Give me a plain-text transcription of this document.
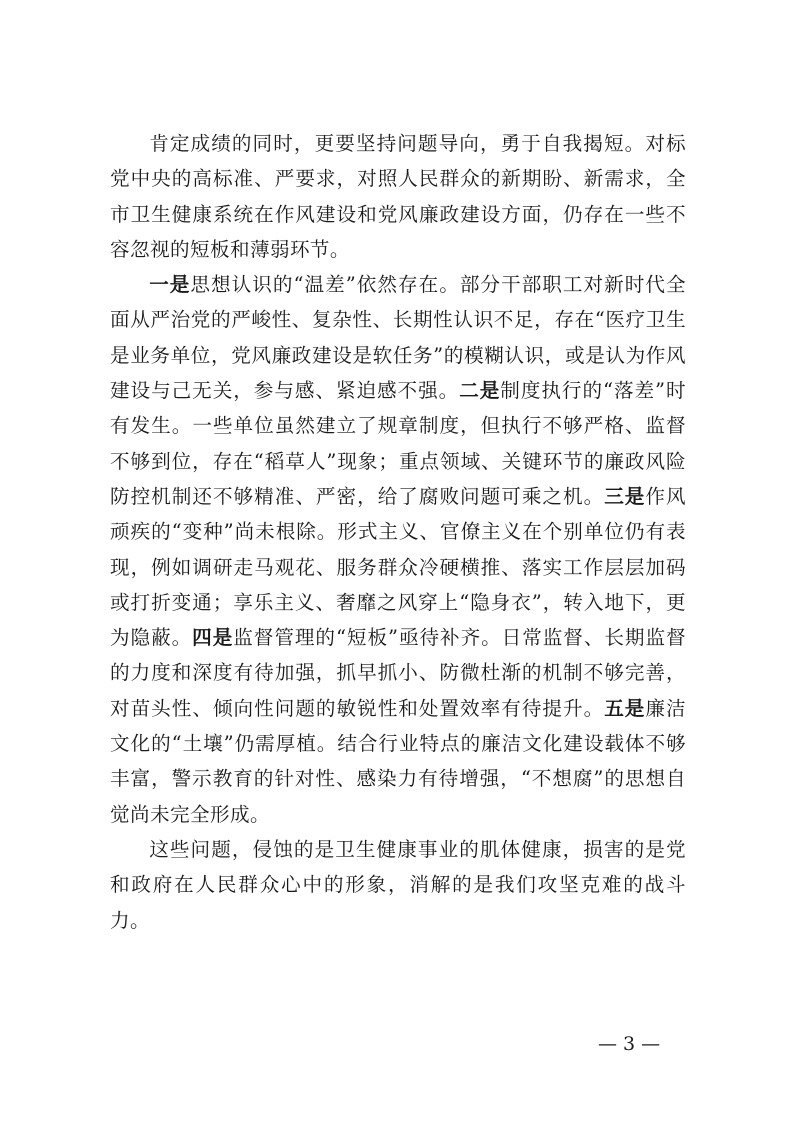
肯定成绩的同时，更要坚持问题导向，勇于自我揭短。对标党中央的高标准、严要求，对照人民群众的新期盼、新需求，全市卫生健康系统在作风建设和党风廉政建设方面，仍存在一些不容忽视的短板和薄弱环节。

一是思想认识的“温差”依然存在。部分干部职工对新时代全面从严治党的严峻性、复杂性、长期性认识不足，存在“医疗卫生是业务单位，党风廉政建设是软任务”的模糊认识，或是认为作风建设与己无关，参与感、紧迫感不强。二是制度执行的“落差”时有发生。一些单位虽然建立了规章制度，但执行不够严格、监督不够到位，存在“稻草人”现象；重点领域、关键环节的廉政风险防控机制还不够精准、严密，给了腐败问题可乘之机。三是作风顽疾的“变种”尚未根除。形式主义、官僚主义在个别单位仍有表现，例如调研走马观花、服务群众冷硬横推、落实工作层层加码或打折变通；享乐主义、奢靡之风穿上“隐身衣”，转入地下，更为隐蔽。四是监督管理的“短板”亟待补齐。日常监督、长期监督的力度和深度有待加强，抓早抓小、防微杜渐的机制不够完善，对苗头性、倾向性问题的敏锐性和处置效率有待提升。五是廉洁文化的“土壤”仍需厚植。结合行业特点的廉洁文化建设载体不够丰富，警示教育的针对性、感染力有待增强，“不想腐”的思想自觉尚未完全形成。

这些问题，侵蚀的是卫生健康事业的肌体健康，损害的是党和政府在人民群众心中的形象，消解的是我们攻坚克难的战斗力。

— 3 —
